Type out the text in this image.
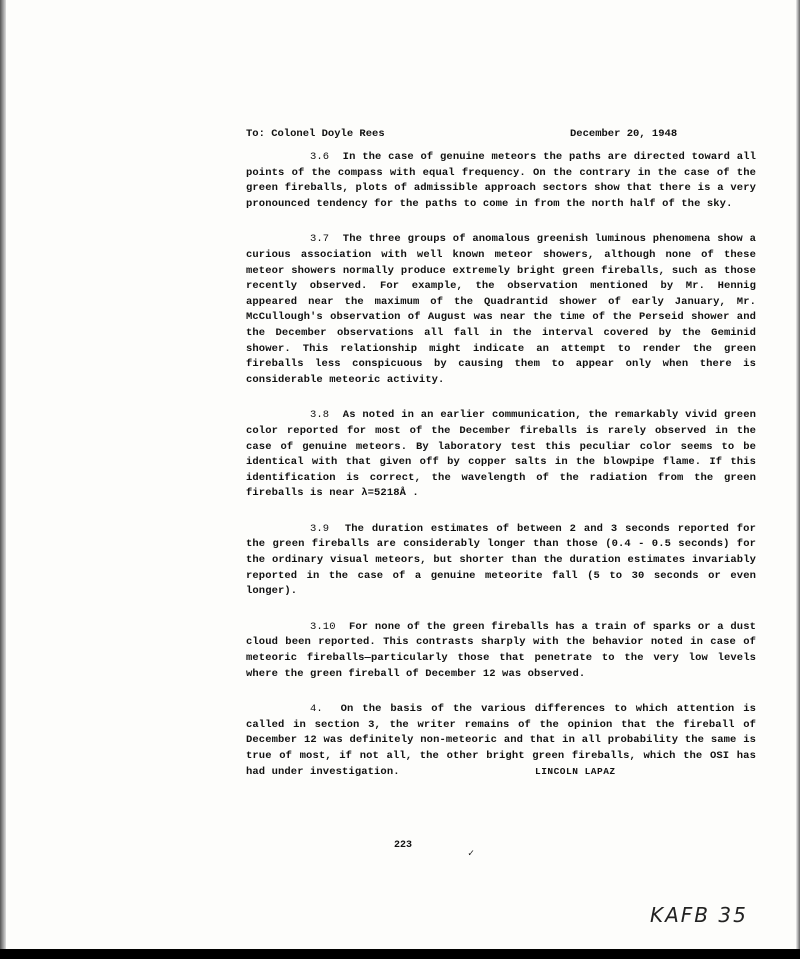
To: Colonel Doyle Rees	December 20, 1948

3.6 In the case of genuine meteors the paths are directed toward all points of the compass with equal frequency. On the contrary in the case of the green fireballs, plots of admissible approach sectors show that there is a very pronounced tendency for the paths to come in from the north half of the sky.

3.7 The three groups of anomalous greenish luminous phenomena show a curious association with well known meteor showers, although none of these meteor showers normally produce extremely bright green fireballs, such as those recently observed. For example, the observation mentioned by Mr. Hennig appeared near the maximum of the Quadrantid shower of early January, Mr. McCullough's observation of August was near the time of the Perseid shower and the December observations all fall in the interval covered by the Geminid shower. This relationship might indicate an attempt to render the green fireballs less conspicuous by causing them to appear only when there is considerable meteoric activity.

3.8 As noted in an earlier communication, the remarkably vivid green color reported for most of the December fireballs is rarely observed in the case of genuine meteors. By laboratory test this peculiar color seems to be identical with that given off by copper salts in the blowpipe flame. If this identification is correct, the wavelength of the radiation from the green fireballs is near λ=5218Å .

3.9 The duration estimates of between 2 and 3 seconds reported for the green fireballs are considerably longer than those (0.4 - 0.5 seconds) for the ordinary visual meteors, but shorter than the duration estimates invariably reported in the case of a genuine meteorite fall (5 to 30 seconds or even longer).

3.10 For none of the green fireballs has a train of sparks or a dust cloud been reported. This contrasts sharply with the behavior noted in case of meteoric fireballs—particularly those that penetrate to the very low levels where the green fireball of December 12 was observed.

4. On the basis of the various differences to which attention is called in section 3, the writer remains of the opinion that the fireball of December 12 was definitely non-meteoric and that in all probability the same is true of most, if not all, the other bright green fireballs, which the OSI has had under investigation.	LINCOLN LAPAZ
223
✓
KAFB 35
